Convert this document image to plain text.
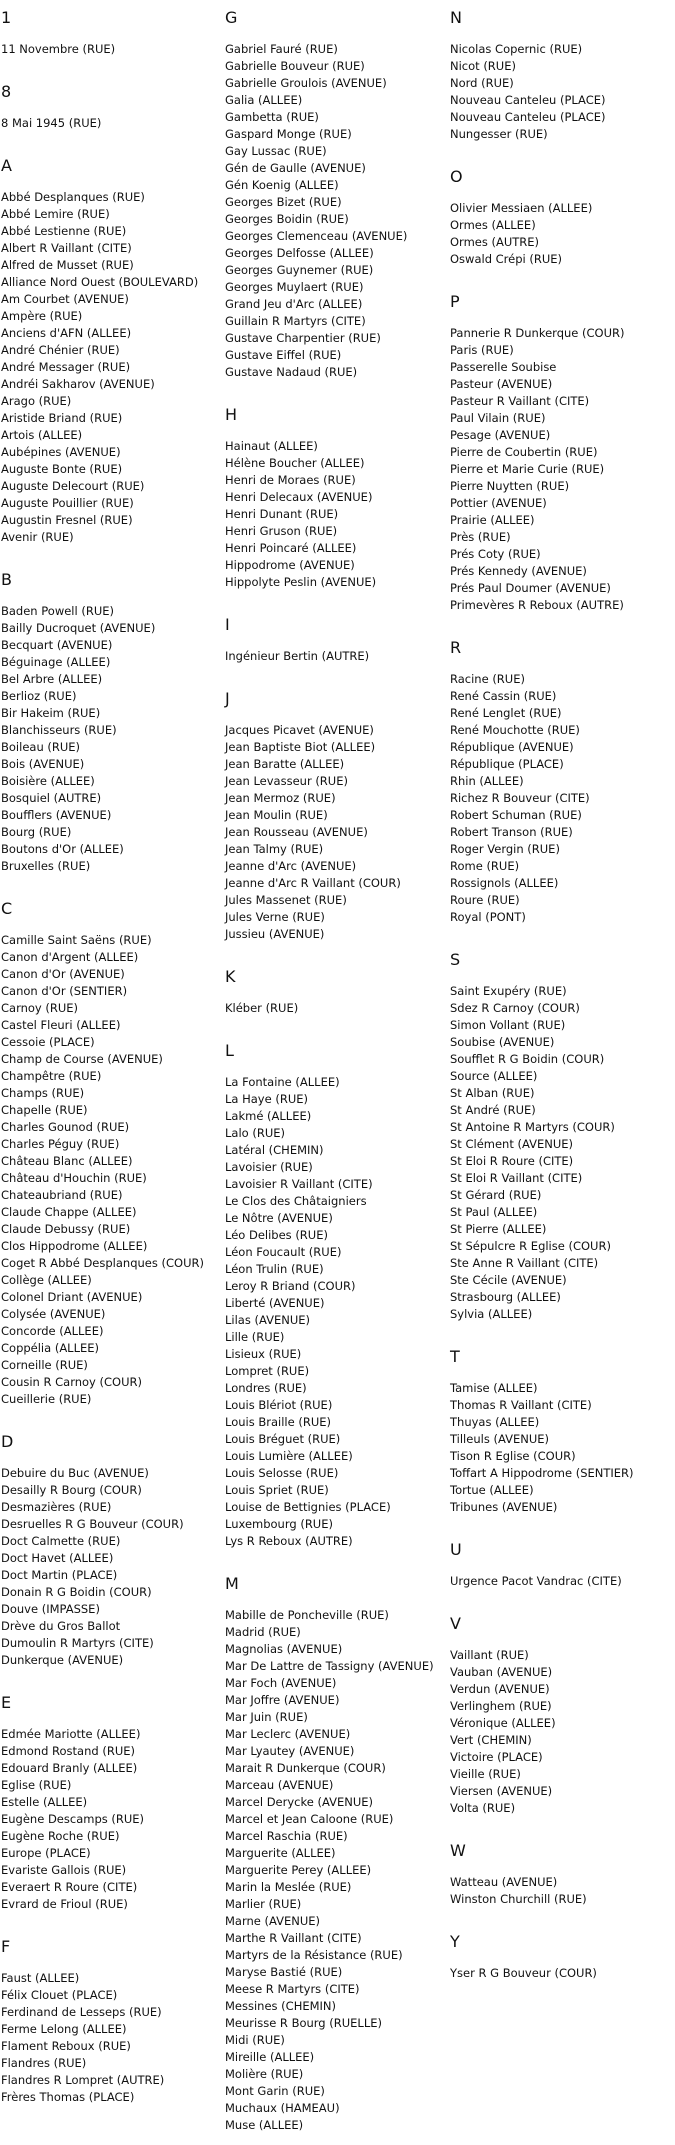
1
11 Novembre (RUE)
8
8 Mai 1945 (RUE)
A
Abbé Desplanques (RUE)
Abbé Lemire (RUE)
Abbé Lestienne (RUE)
Albert R Vaillant (CITE)
Alfred de Musset (RUE)
Alliance Nord Ouest (BOULEVARD)
Am Courbet (AVENUE)
Ampère (RUE)
Anciens d'AFN (ALLEE)
André Chénier (RUE)
André Messager (RUE)
Andréi Sakharov (AVENUE)
Arago (RUE)
Aristide Briand (RUE)
Artois (ALLEE)
Aubépines (AVENUE)
Auguste Bonte (RUE)
Auguste Delecourt (RUE)
Auguste Pouillier (RUE)
Augustin Fresnel (RUE)
Avenir (RUE)
B
Baden Powell (RUE)
Bailly Ducroquet (AVENUE)
Becquart (AVENUE)
Béguinage (ALLEE)
Bel Arbre (ALLEE)
Berlioz (RUE)
Bir Hakeim (RUE)
Blanchisseurs (RUE)
Boileau (RUE)
Bois (AVENUE)
Boisière (ALLEE)
Bosquiel (AUTRE)
Boufflers (AVENUE)
Bourg (RUE)
Boutons d'Or (ALLEE)
Bruxelles (RUE)
C
Camille Saint Saëns (RUE)
Canon d'Argent (ALLEE)
Canon d'Or (AVENUE)
Canon d'Or (SENTIER)
Carnoy (RUE)
Castel Fleuri (ALLEE)
Cessoie (PLACE)
Champ de Course (AVENUE)
Champêtre (RUE)
Champs (RUE)
Chapelle (RUE)
Charles Gounod (RUE)
Charles Péguy (RUE)
Château Blanc (ALLEE)
Château d'Houchin (RUE)
Chateaubriand (RUE)
Claude Chappe (ALLEE)
Claude Debussy (RUE)
Clos Hippodrome (ALLEE)
Coget R Abbé Desplanques (COUR)
Collège (ALLEE)
Colonel Driant (AVENUE)
Colysée (AVENUE)
Concorde (ALLEE)
Coppélia (ALLEE)
Corneille (RUE)
Cousin R Carnoy (COUR)
Cueillerie (RUE)
D
Debuire du Buc (AVENUE)
Desailly R Bourg (COUR)
Desmazières (RUE)
Desruelles R G Bouveur (COUR)
Doct Calmette (RUE)
Doct Havet (ALLEE)
Doct Martin (PLACE)
Donain R G Boidin (COUR)
Douve (IMPASSE)
Drève du Gros Ballot
Dumoulin R Martyrs (CITE)
Dunkerque (AVENUE)
E
Edmée Mariotte (ALLEE)
Edmond Rostand (RUE)
Edouard Branly (ALLEE)
Eglise (RUE)
Estelle (ALLEE)
Eugène Descamps (RUE)
Eugène Roche (RUE)
Europe (PLACE)
Evariste Gallois (RUE)
Everaert R Roure (CITE)
Evrard de Frioul (RUE)
F
Faust (ALLEE)
Félix Clouet (PLACE)
Ferdinand de Lesseps (RUE)
Ferme Lelong (ALLEE)
Flament Reboux (RUE)
Flandres (RUE)
Flandres R Lompret (AUTRE)
Frères Thomas (PLACE)
G
Gabriel Fauré (RUE)
Gabrielle Bouveur (RUE)
Gabrielle Groulois (AVENUE)
Galia (ALLEE)
Gambetta (RUE)
Gaspard Monge (RUE)
Gay Lussac (RUE)
Gén de Gaulle (AVENUE)
Gén Koenig (ALLEE)
Georges Bizet (RUE)
Georges Boidin (RUE)
Georges Clemenceau (AVENUE)
Georges Delfosse (ALLEE)
Georges Guynemer (RUE)
Georges Muylaert (RUE)
Grand Jeu d'Arc (ALLEE)
Guillain R Martyrs (CITE)
Gustave Charpentier (RUE)
Gustave Eiffel (RUE)
Gustave Nadaud (RUE)
H
Hainaut (ALLEE)
Hélène Boucher (ALLEE)
Henri de Moraes (RUE)
Henri Delecaux (AVENUE)
Henri Dunant (RUE)
Henri Gruson (RUE)
Henri Poincaré (ALLEE)
Hippodrome (AVENUE)
Hippolyte Peslin (AVENUE)
I
Ingénieur Bertin (AUTRE)
J
Jacques Picavet (AVENUE)
Jean Baptiste Biot (ALLEE)
Jean Baratte (ALLEE)
Jean Levasseur (RUE)
Jean Mermoz (RUE)
Jean Moulin (RUE)
Jean Rousseau (AVENUE)
Jean Talmy (RUE)
Jeanne d'Arc (AVENUE)
Jeanne d'Arc R Vaillant (COUR)
Jules Massenet (RUE)
Jules Verne (RUE)
Jussieu (AVENUE)
K
Kléber (RUE)
L
La Fontaine (ALLEE)
La Haye (RUE)
Lakmé (ALLEE)
Lalo (RUE)
Latéral (CHEMIN)
Lavoisier (RUE)
Lavoisier R Vaillant (CITE)
Le Clos des Châtaigniers
Le Nôtre (AVENUE)
Léo Delibes (RUE)
Léon Foucault (RUE)
Léon Trulin (RUE)
Leroy R Briand (COUR)
Liberté (AVENUE)
Lilas (AVENUE)
Lille (RUE)
Lisieux (RUE)
Lompret (RUE)
Londres (RUE)
Louis Blériot (RUE)
Louis Braille (RUE)
Louis Bréguet (RUE)
Louis Lumière (ALLEE)
Louis Selosse (RUE)
Louis Spriet (RUE)
Louise de Bettignies (PLACE)
Luxembourg (RUE)
Lys R Reboux (AUTRE)
M
Mabille de Poncheville (RUE)
Madrid (RUE)
Magnolias (AVENUE)
Mar De Lattre de Tassigny (AVENUE)
Mar Foch (AVENUE)
Mar Joffre (AVENUE)
Mar Juin (RUE)
Mar Leclerc (AVENUE)
Mar Lyautey (AVENUE)
Marait R Dunkerque (COUR)
Marceau (AVENUE)
Marcel Derycke (AVENUE)
Marcel et Jean Caloone (RUE)
Marcel Raschia (RUE)
Marguerite (ALLEE)
Marguerite Perey (ALLEE)
Marin la Meslée (RUE)
Marlier (RUE)
Marne (AVENUE)
Marthe R Vaillant (CITE)
Martyrs de la Résistance (RUE)
Maryse Bastié (RUE)
Meese R Martyrs (CITE)
Messines (CHEMIN)
Meurisse R Bourg (RUELLE)
Midi (RUE)
Mireille (ALLEE)
Molière (RUE)
Mont Garin (RUE)
Muchaux (HAMEAU)
Muse (ALLEE)
N
Nicolas Copernic (RUE)
Nicot (RUE)
Nord (RUE)
Nouveau Canteleu (PLACE)
Nouveau Canteleu (PLACE)
Nungesser (RUE)
O
Olivier Messiaen (ALLEE)
Ormes (ALLEE)
Ormes (AUTRE)
Oswald Crépi (RUE)
P
Pannerie R Dunkerque (COUR)
Paris (RUE)
Passerelle Soubise
Pasteur (AVENUE)
Pasteur R Vaillant (CITE)
Paul Vilain (RUE)
Pesage (AVENUE)
Pierre de Coubertin (RUE)
Pierre et Marie Curie (RUE)
Pierre Nuytten (RUE)
Pottier (AVENUE)
Prairie (ALLEE)
Près (RUE)
Prés Coty (RUE)
Prés Kennedy (AVENUE)
Prés Paul Doumer (AVENUE)
Primevères R Reboux (AUTRE)
R
Racine (RUE)
René Cassin (RUE)
René Lenglet (RUE)
René Mouchotte (RUE)
République (AVENUE)
République (PLACE)
Rhin (ALLEE)
Richez R Bouveur (CITE)
Robert Schuman (RUE)
Robert Transon (RUE)
Roger Vergin (RUE)
Rome (RUE)
Rossignols (ALLEE)
Roure (RUE)
Royal (PONT)
S
Saint Exupéry (RUE)
Sdez R Carnoy (COUR)
Simon Vollant (RUE)
Soubise (AVENUE)
Soufflet R G Boidin (COUR)
Source (ALLEE)
St Alban (RUE)
St André (RUE)
St Antoine R Martyrs (COUR)
St Clément (AVENUE)
St Eloi R Roure (CITE)
St Eloi R Vaillant (CITE)
St Gérard (RUE)
St Paul (ALLEE)
St Pierre (ALLEE)
St Sépulcre R Eglise (COUR)
Ste Anne R Vaillant (CITE)
Ste Cécile (AVENUE)
Strasbourg (ALLEE)
Sylvia (ALLEE)
T
Tamise (ALLEE)
Thomas R Vaillant (CITE)
Thuyas (ALLEE)
Tilleuls (AVENUE)
Tison R Eglise (COUR)
Toffart A Hippodrome (SENTIER)
Tortue (ALLEE)
Tribunes (AVENUE)
U
Urgence Pacot Vandrac (CITE)
V
Vaillant (RUE)
Vauban (AVENUE)
Verdun (AVENUE)
Verlinghem (RUE)
Véronique (ALLEE)
Vert (CHEMIN)
Victoire (PLACE)
Vieille (RUE)
Viersen (AVENUE)
Volta (RUE)
W
Watteau (AVENUE)
Winston Churchill (RUE)
Y
Yser R G Bouveur (COUR)
